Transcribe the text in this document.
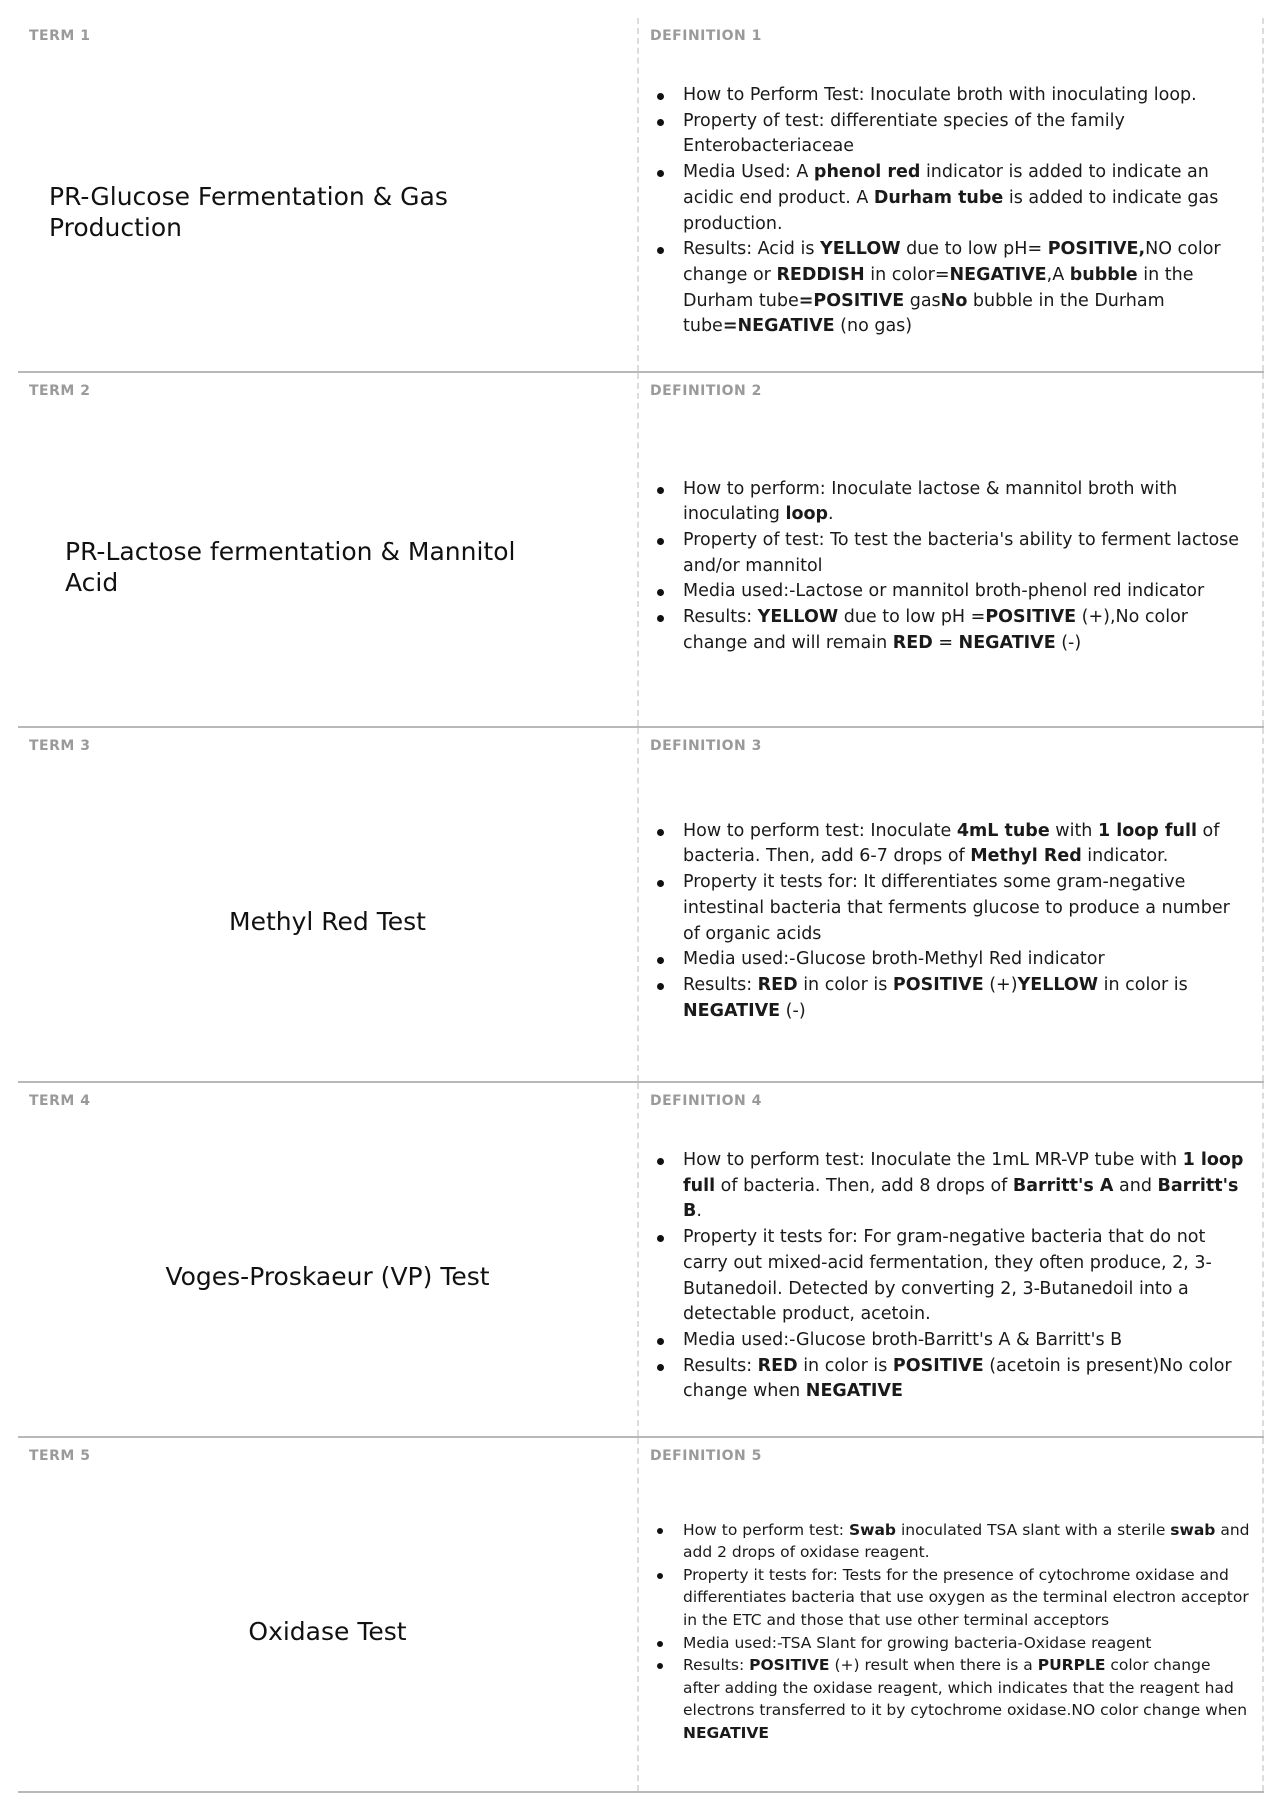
TERM 1
PR-Glucose Fermentation & Gas Production
DEFINITION 1
How to Perform Test: Inoculate broth with inoculating loop.
Property of test: differentiate species of the family Enterobacteriaceae
Media Used: A phenol red indicator is added to indicate an acidic end product. A Durham tube is added to indicate gas production.
Results: Acid is YELLOW due to low pH= POSITIVE,NO color change or REDDISH in color=NEGATIVE,A bubble in the Durham tube=POSITIVE gasNo bubble in the Durham tube=NEGATIVE (no gas)
TERM 2
PR-Lactose fermentation & Mannitol Acid
DEFINITION 2
How to perform: Inoculate lactose & mannitol broth with inoculating loop.
Property of test: To test the bacteria's ability to ferment lactose and/or mannitol
Media used:-Lactose or mannitol broth-phenol red indicator
Results: YELLOW due to low pH =POSITIVE (+),No color change and will remain RED = NEGATIVE (-)
TERM 3
Methyl Red Test
DEFINITION 3
How to perform test: Inoculate 4mL tube with 1 loop full of bacteria. Then, add 6-7 drops of Methyl Red indicator.
Property it tests for: It differentiates some gram-negative intestinal bacteria that ferments glucose to produce a number of organic acids
Media used:-Glucose broth-Methyl Red indicator
Results: RED in color is POSITIVE (+)YELLOW in color is NEGATIVE (-)
TERM 4
Voges-Proskaeur (VP) Test
DEFINITION 4
How to perform test: Inoculate the 1mL MR-VP tube with 1 loop full of bacteria. Then, add 8 drops of Barritt's A and Barritt's B.
Property it tests for: For gram-negative bacteria that do not carry out mixed-acid fermentation, they often produce, 2, 3-Butanedoil. Detected by converting 2, 3-Butanedoil into a detectable product, acetoin.
Media used:-Glucose broth-Barritt's A & Barritt's B
Results: RED in color is POSITIVE (acetoin is present)No color change when NEGATIVE
TERM 5
Oxidase Test
DEFINITION 5
How to perform test: Swab inoculated TSA slant with a sterile swab and add 2 drops of oxidase reagent.
Property it tests for: Tests for the presence of cytochrome oxidase and differentiates bacteria that use oxygen as the terminal electron acceptor in the ETC and those that use other terminal acceptors
Media used:-TSA Slant for growing bacteria-Oxidase reagent
Results: POSITIVE (+) result when there is a PURPLE color change after adding the oxidase reagent, which indicates that the reagent had electrons transferred to it by cytochrome oxidase.NO color change when NEGATIVE
